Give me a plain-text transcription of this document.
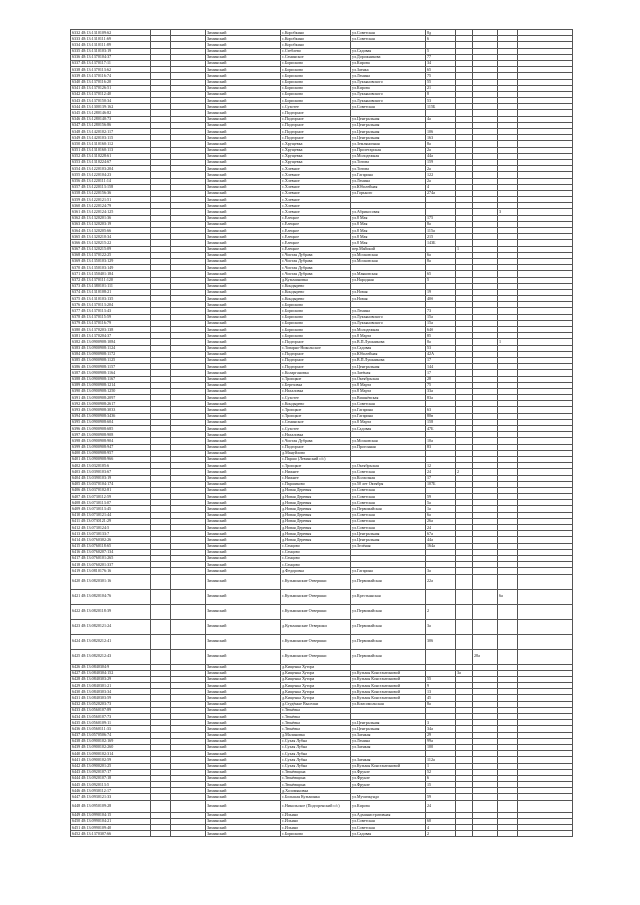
6332 48:13:1310109:62			Зиминский	с.Коробкино	ул.Советская	8д				
6333 48:13:1310111:69			Зиминский	с.Коробкино	ул.Советская	6				
6334 48:13:1310111:89			Зиминский	с.Коробкино						
6335 48:13:1310103:19			Зиминский	с.Стеблево	ул.Садовая	5				
6336 48:13:1370104:37			Зиминский	с.Сенинское	ул.Дорожникова	77				
6337 48:13:1370117:11			Зиминский	с.Борисково	ул.Кирова	34				
6338 48:13:1370113:62			Зиминский	с.Борисково	ул.Заенка	65				
6339 48:13:1370116:74			Зиминский	с.Борисково	ул.Ленина	75				
6340 48:13:1370116:20			Зиминский	с.Борисково	ул.Лукьяновского	55				
6341 48:13:1370126:51			Зиминский	с.Борисково	ул.Кирова	21				
6342 48:13:1370112:40			Зиминский	с.Борисково	ул.Лукьяновского	8				
6343 48:13:1370150:34			Зиминский	с.Борисково	ул.Лукьяновского	53				
6344 48:13:1300139:162			Зиминский	с.Сухотее	ул.Советская	115Б				
6345 48:13:1280146:82			Зиминский	с.Подгорное						
6346 48:13:1280140:73			Зиминский	с.Подгорное	ул.Центральная	4а				
6347 48:13:1280156:86			Зиминский	с.Подгорное	ул.Центральная					
6348 48:13:1420102:117			Зиминский	с.Подгорное	ул.Центральная	106				
6349 48:13:1420103:115			Зиминский	с.Подгорное	ул.Центральная	163				
6350 48:13:1310160:112			Зиминский	с.Хрущевка	ул.Земляничная	8а				
6351 48:13:1310160:113			Зиминский	с.Хрущевка	ул.Пролетарская	2а				
6352 48:13:1310228:61			Зиминский	с.Хрущевка	ул.Молодежная	44а				
6353 48:13:1310224:67			Зиминский	с.Хрущевка	ул.Титова	159				
6354 48:13:1220103:204			Зиминский	с.Хлевное	ул.Титова	2а				
6355 48:13:1220104:23			Зиминский	с.Хлевное	ул.Гагарина	122				
6356 48:13:1220111:14			Зиминский	с.Хлевное	ул.Ленина	2а				
6357 48:13:1220113:158			Зиминский	с.Хлевное	ул.Юбилейная	4				
6358 48:13:1220156:36			Зиминский	с.Хлевное	ул.Горького	274а				
6359 48:13:1220121:51			Зиминский	с.Хлевное						
6360 48:13:1220124:79			Зиминский	с.Хлевное						
6361 48:13:1220124:125			Зиминский	с.Хлевное	ул.Абрикосовая				3	
6362 48:13:1320201:36			Зиминский	с.Елецкое	ул.8 Мая	175				
6363 48:13:1320203:19			Зиминский	с.Елецкое	ул.8 Мая	8а				
6364 48:13:1320205:66			Зиминский	с.Елецкое	ул.8 Мая	115а				
6365 48:13:1320210:34			Зиминский	с.Елецкое	ул.8 Мая	215				
6366 48:13:1320215:22			Зиминский	с.Елецкое	ул.8 Мая	143Б				
6367 48:13:1320215:09			Зиминский	с.Елецкое	пер.Майский		1			
6368 48:13:1370122:25			Зиминский	с.Чистая Дубрава	ул.Московская	6а				
6369 48:13:1350103:129			Зиминский	с.Чистая Дубрава	ул.Московская	8а				
6370 48:13:1350103:149			Зиминский	с.Чистая Дубрава						
6371 48:13:1350401:184			Зиминский	с.Чистая Дубрава	ул.Маяковская	65				
6372 48:13:1370111:120			Зиминский	д.Кузьминовка	ул.Народная	5				
6373 48:13:1380101:111			Зиминский	с.Кондырево						
6374 48:13:1310108:21			Зиминский	с.Кондырево	ул.Новая	19				
6375 48:13:1310103:135			Зиминский	с.Кондырево	ул.Новая	40б				
6376 48:13:1370113:204			Зиминский	с.Борисково						
6377 48:13:1370113:43			Зиминский	с.Борисково	ул.Ленина	73				
6378 48:13:1370115:59			Зиминский	с.Борисково	ул.Лукьяновского	15а				
6379 48:13:1370116:79			Зиминский	с.Борисково	ул.Лукьяновского	15а				
6380 48:13:1370203:138			Зиминский	с.Борисково	ул.Молодежная	64б				
6381 48:13:1370204:37			Зиминский	с.Борисково	ул.8 Марта	85				
6382 48:13:0900908:1084			Зиминский	с.Подгорное	ул.В.П.Лушникова	8а			1	
6383 48:13:0900908:1124			Зиминский	с.Товарно-Никольское	ул.Садовая	53				
6384 48:13:0900908:1172			Зиминский	с.Подгорное	ул.Юбилейная	42А				
6385 48:13:0900908:1125			Зиминский	с.Подгорное	ул.В.П.Лушникова	17				
6386 48:13:0900908:1157			Зиминский	с.Подгорное	ул.Центральная	144				
6387 48:13:0900908:1164			Зиминский	с.Коларгановка	ул.Заеёная	17				
6388 48:13:0900908:1167			Зиминский	с.Троицкое	ул.Октябрьская	28				
6389 48:13:0900908:1214			Зиминский	с.Березовка	ул.8 Марта	75				
6390 48:13:0900908:1250			Зиминский	с.Нахаловка	ул.8 Марта	33а				
6391 48:13:0900908:2097			Зиминский	с.Сухотее	ул.Вишнёвская	83а				
6392 48:13:0900908:2617			Зиминский	с.Кондырево	ул.Советская					
6393 48:13:0900908:3033			Зиминский	с.Троицкое	ул.Гагарина	63				
6394 48:13:0900908:3436			Зиминский	с.Троицкое	ул.Гагарина	80в				
6395 48:13:0900908:604			Зиминский	с.Сенинское	ул.8 Марта	158				
6396 48:13:0900908:685			Зиминский	с.Сухотее	ул.Садовая	47Б				
6397 48:13:0900908:908			Зиминский	с.Нахаловка						
6398 48:13:0900908:904			Зиминский	с.Чистая Дубрава	ул.Московская	10а				
6399 48:13:0900908:947			Зиминский	с.Подгорное	ул.Прогонная	83				
6400 48:13:0900908:957			Зиминский	д.Мануйлово						
6401 48:13:0900908:966			Зиминский	с.Паршо (Левинский с/с)						
6402 48:13:0320105:6			Зиминский	с.Троицкое	ул.Октябрьская	12				
6403 48:13:0390103:67			Зиминский	с.Нижнее	ул.Советская	24	2			
6404 48:13:0390103:19			Зиминский	с.Нижнее	ул.Колхозная	17				
6405 48:13:0370104:174			Зиминский	с.Паршиково	ул.50 лет Октября	107Б				
6406 48:13:0370102:81			Зиминский	д.Новая Деревня	ул.Советская					
6407 48:13:0730112:59			Зиминский	д.Новая Деревня	ул.Советская	59				
6408 48:13:0730113:07			Зиминский	д.Новая Деревня	ул.Советская	5а				
6409 48:13:0730113:45			Зиминский	д.Новая Деревня	ул.Первомайская	1а				
6410 48:13:0730121:44			Зиминский	д.Новая Деревня	ул.Советская	6а				
6411 48:13:0730121:29			Зиминский	д.Новая Деревня	ул.Советская	26а				
6412 48:13:0730124:5			Зиминский	д.Новая Деревня	ул.Советская	24				
6413 48:13:0730133:7			Зиминский	д.Новая Деревня	ул.Центральная	67а				
6414 48:13:0760302:26			Зиминский	д.Новая Деревня	ул.Центральная	44а				
6415 48:13:0760118:65			Зиминский	с.Сенцово	ул.Зелёная	164а				
6416 48:13:0760207:134			Зиминский	с.Сенцово						
6417 48:13:0760101:265			Зиминский	с.Сенцово						
6418 48:13:0760201:337			Зиминский	с.Сенцово						
6419 48:13:0810176:16			Зиминский	д.Федоровка	ул.Гагарина	3а				
6420 48:13:0820301:16			Зиминский	с.Кузьминские Отвершки	ул.Первомайская	22а				
6421 48:13:0820104:76			Зиминский	с.Кузьминские Отвершки	ул.Крестьянская				6а	
6422 48:13:0820118:39			Зиминский	с.Кузьминские Отвершки	ул.Первомайская	2				
6423 48:13:0820121:24			Зиминский	д.Кузьминские Отвершки	ул.Первомайская	3а				
6424 48:13:0820212:41			Зиминский	с.Кузьминские Отвершки	ул.Первомайская	306				
6425 48:13:0820212:43			Зиминский	с.Кузьминские Отвершки	ул.Первомайская			28а		
6426 48:13:0840304:9			Зиминский	д.Кищенка Хутора						
6427 48:13:0840304:152			Зиминский	д.Кищенка Хутора	ул.Кузьмы Константиновой		3а			
6428 48:13:0840303:29			Зиминский	д.Кищенка Хутора	ул.Кузьмы Константиновой	55				
6429 48:13:0840301:21			Зиминский	д.Кищенка Хутора	ул.Кузьмы Константиновой	9				
6430 48:13:0840303:34			Зиминский	д.Кищенка Хутора	ул.Кузьмы Константиновой	13				
6431 48:13:0840303:59			Зиминский	д.Кищенка Хутора	ул.Кузьмы Константиновой	45				
6432 48:13:0520203:73			Зиминский	д.Студёные Выселки	ул.Комсомольская	8а				
6433 48:13:0560107:89			Зиминский	с.Тюнёвка						
6434 48:13:0560107:73			Зиминский	с.Тюнёвка						
6435 48:13:0560109:11			Зиминский	с.Тюнёвка	ул.Центральная	3				
6436 48:13:0560111:33			Зиминский	с.Тюнёвка	ул.Центральная	34а				
6437 48:13:0570506:74			Зиминский	д.Малиновка	ул.Заенкая	29				
6438 48:13:0900102:169			Зиминский	с.Сухая Лубна	ул.Ленина	99а				
6439 48:13:0900102:260			Зиминский	с.Сухая Лубна	ул.Заенкая	100				
6440 48:13:0900102:314			Зиминский	с.Сухая Лубна						
6441 48:13:0900102:59			Зиминский	с.Сухая Лубна	ул.Заенкая	112а				
6442 48:13:0900201:25			Зиминский	с.Сухая Лубна	ул.Кузьмы Константиновой	1				
6443 48:13:0920107:17			Зиминский	с.Тюнёвщина	ул.Фрунзе	52				
6444 48:13:0920107:18			Зиминский	с.Тюнёвщина	ул.Фрунзе	6				
6445 48:13:0920113:5			Зиминский	с.Тюнёвщина	ул.Фрунзе	15				
6446 48:13:0930112:17			Зиминский	д.Холомяновка						
6447 48:13:0930121:33			Зиминский	с.Большая Кузьминка	ул.Мучичкундо	59				
6448 48:13:0950109:28			Зиминский	с.Никольское (Подгоренский с/с)	ул.Кирова	24				
6449 48:13:0990104:15			Зиминский	с.Ильино	ул.Административная					
6450 48:13:0990104:21			Зиминский	с.Ильино	ул.Советская	60				
6451 48:13:0990109:40			Зиминский	с.Ильино	ул.Советская	4				
6452 48:13:1370307:66			Зиминский	с.Борисково	ул.Садовая	2				
